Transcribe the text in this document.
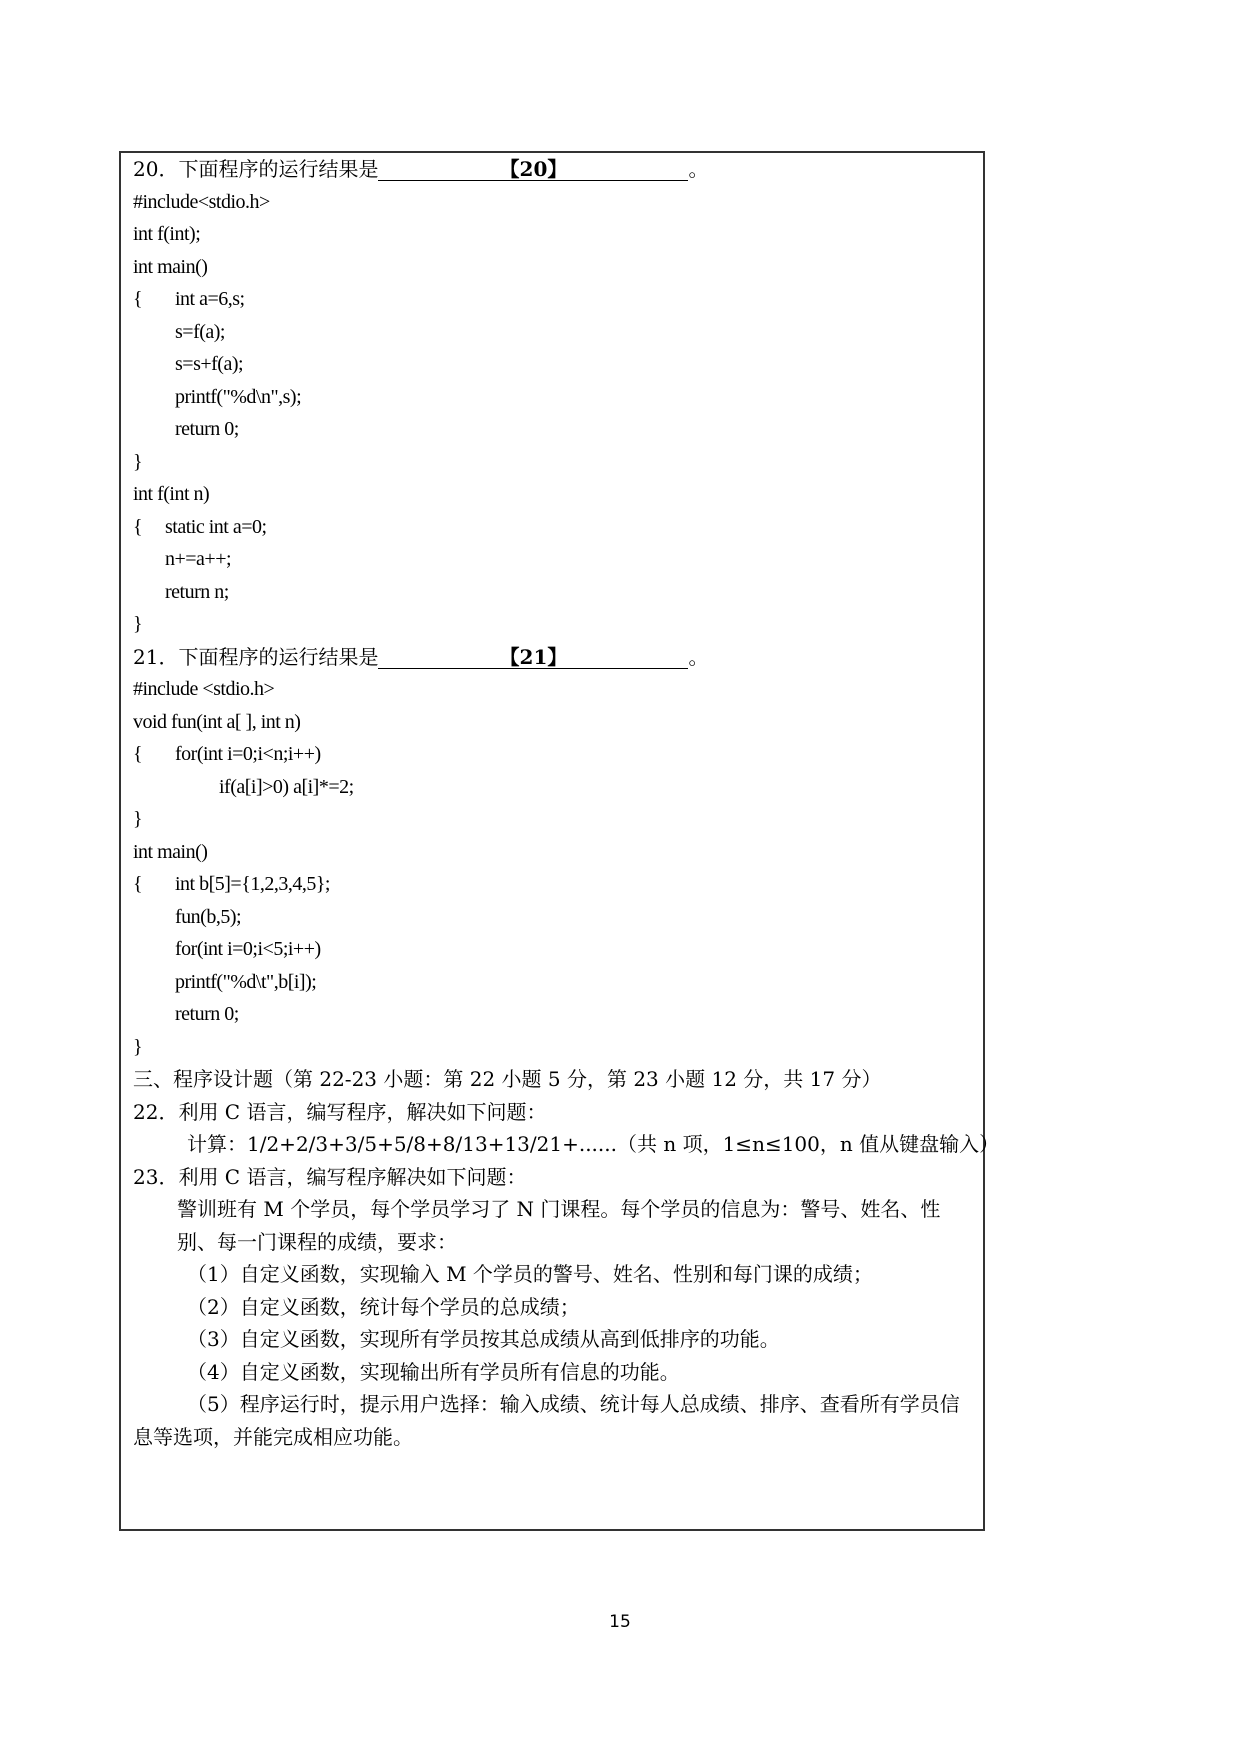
20．下面程序的运行结果是	【20】	。
#include<stdio.h>
int f(int);
int main()
{ int a=6,s;
s=f(a);
s=s+f(a);
printf("%d\n",s);
return 0;
}
int f(int n)
{ static int a=0;
n+=a++;
return n;
}
21．下面程序的运行结果是	【21】	。
#include <stdio.h>
void fun(int a[ ], int n)
{ for(int i=0;i<n;i++)
if(a[i]>0) a[i]*=2;
}
int main()
{ int b[5]={1,2,3,4,5};
fun(b,5);
for(int i=0;i<5;i++)
printf("%d\t",b[i]);
return 0;
}
三、程序设计题（第 22-23 小题：第 22 小题 5 分，第 23 小题 12 分，共 17 分）
22．利用 C 语言，编写程序，解决如下问题：
计算：1/2+2/3+3/5+5/8+8/13+13/21+......（共 n 项，1≤n≤100，n 值从键盘输入）
23．利用 C 语言，编写程序解决如下问题：
警训班有 M 个学员，每个学员学习了 N 门课程。每个学员的信息为：警号、姓名、性别、每一门课程的成绩，要求：
（1）自定义函数，实现输入 M 个学员的警号、姓名、性别和每门课的成绩；
（2）自定义函数，统计每个学员的总成绩；
（3）自定义函数，实现所有学员按其总成绩从高到低排序的功能。
（4）自定义函数，实现输出所有学员所有信息的功能。
（5）程序运行时，提示用户选择：输入成绩、统计每人总成绩、排序、查看所有学员信息等选项，并能完成相应功能。
15
